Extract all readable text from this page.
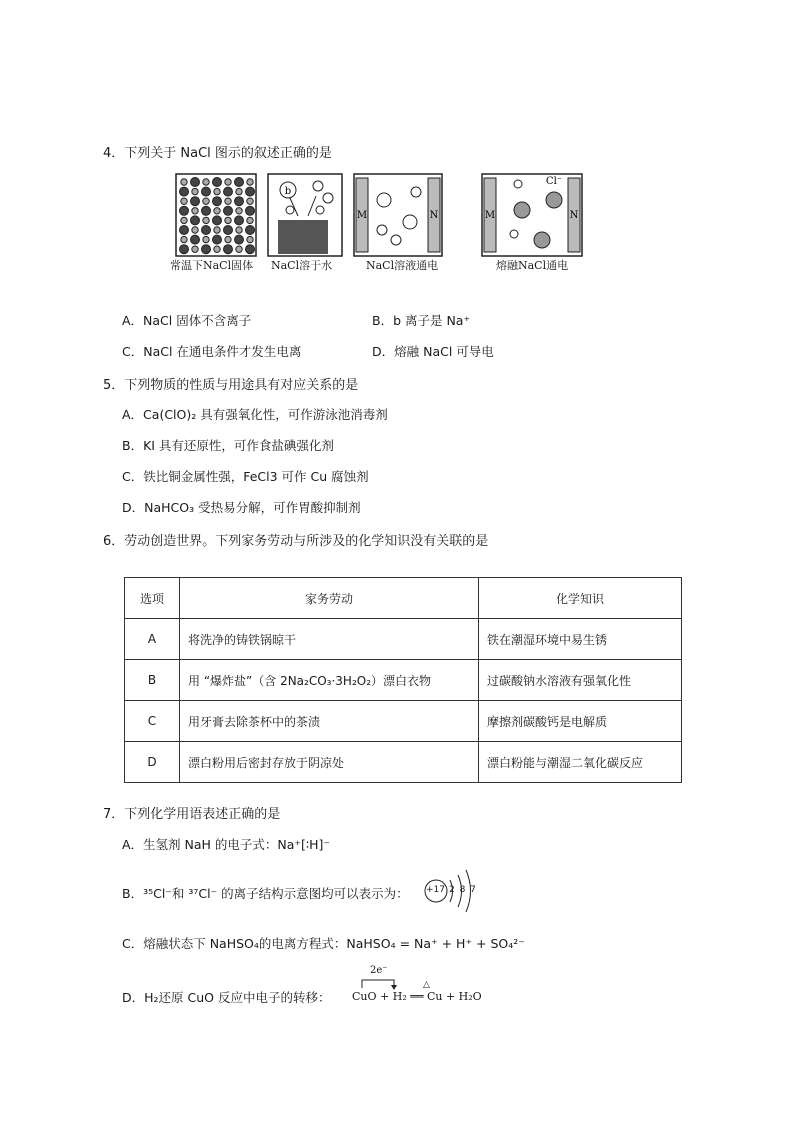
4．下列关于 NaCl 图示的叙述正确的是
b
M	N	M	N
Cl⁻
常温下NaCl固体 NaCl溶于水	NaCl溶液通电	熔融NaCl通电
A．NaCl 固体不含离子	B．b 离子是 Na⁺
C．NaCl 在通电条件才发生电离	D．熔融 NaCl 可导电
5．下列物质的性质与用途具有对应关系的是
A．Ca(ClO)₂ 具有强氧化性，可作游泳池消毒剂
B．KI 具有还原性，可作食盐碘强化剂
C．铁比铜金属性强，FeCl3 可作 Cu 腐蚀剂
D．NaHCO₃ 受热易分解，可作胃酸抑制剂
6．劳动创造世界。下列家务劳动与所涉及的化学知识没有关联的是
选项	家务劳动	化学知识
A	将洗净的铸铁锅晾干	铁在潮湿环境中易生锈
B	用 “爆炸盐”（含 2Na₂CO₃·3H₂O₂）漂白衣物	过碳酸钠水溶液有强氧化性
C	用牙膏去除茶杯中的茶渍	摩擦剂碳酸钙是电解质
D	漂白粉用后密封存放于阴凉处	漂白粉能与潮湿二氧化碳反应
7．下列化学用语表述正确的是
A．生氢剂 NaH 的电子式：Na⁺[∶H]⁻
B．³⁵Cl⁻和 ³⁷Cl⁻ 的离子结构示意图均可以表示为： +17 2 8 7
C．熔融状态下 NaHSO₄的电离方程式：NaHSO₄ = Na⁺ + H⁺ + SO₄²⁻
D．H₂还原 CuO 反应中电子的转移：
2e⁻
△
CuO + H₂ ══ Cu + H₂O
